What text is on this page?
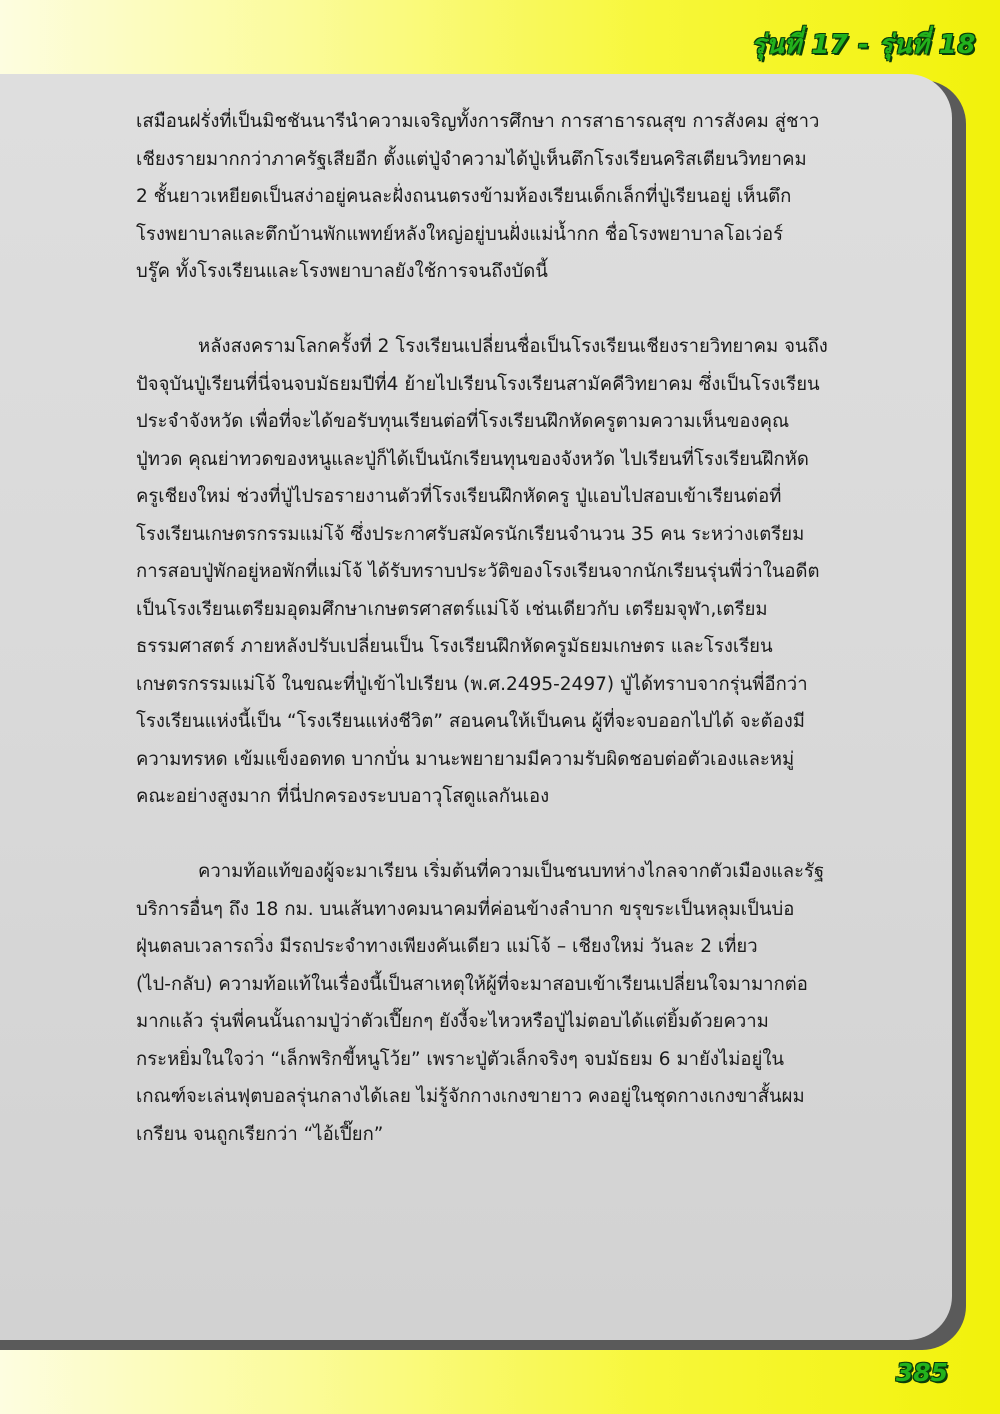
รุ่นที่ 17 - รุ่นที่ 18
เสมือนฝรั่งที่เป็นมิชชันนารีนำความเจริญทั้งการศึกษา การสาธารณสุข การสังคม สู่ชาว
เชียงรายมากกว่าภาครัฐเสียอีก ตั้งแต่ปู่จำความได้ปู่เห็นตึกโรงเรียนคริสเตียนวิทยาคม
2 ชั้นยาวเหยียดเป็นสง่าอยู่คนละฝั่งถนนตรงข้ามห้องเรียนเด็กเล็กที่ปู่เรียนอยู่ เห็นตึก
โรงพยาบาลและตึกบ้านพักแพทย์หลังใหญ่อยู่บนฝั่งแม่น้ำกก ชื่อโรงพยาบาลโอเว่อร์
บรู๊ค ทั้งโรงเรียนและโรงพยาบาลยังใช้การจนถึงบัดนี้
หลังสงครามโลกครั้งที่ 2 โรงเรียนเปลี่ยนชื่อเป็นโรงเรียนเชียงรายวิทยาคม จนถึง
ปัจจุบันปู่เรียนที่นี่จนจบมัธยมปีที่4 ย้ายไปเรียนโรงเรียนสามัคคีวิทยาคม ซึ่งเป็นโรงเรียน
ประจำจังหวัด เพื่อที่จะได้ขอรับทุนเรียนต่อที่โรงเรียนฝึกหัดครูตามความเห็นของคุณ
ปู่ทวด คุณย่าทวดของหนูและปู่ก็ได้เป็นนักเรียนทุนของจังหวัด ไปเรียนที่โรงเรียนฝึกหัด
ครูเชียงใหม่ ช่วงที่ปู่ไปรอรายงานตัวที่โรงเรียนฝึกหัดครู ปู่แอบไปสอบเข้าเรียนต่อที่
โรงเรียนเกษตรกรรมแม่โจ้ ซึ่งประกาศรับสมัครนักเรียนจำนวน 35 คน ระหว่างเตรียม
การสอบปู่พักอยู่หอพักที่แม่โจ้ ได้รับทราบประวัติของโรงเรียนจากนักเรียนรุ่นพี่ว่าในอดีต
เป็นโรงเรียนเตรียมอุดมศึกษาเกษตรศาสตร์แม่โจ้ เช่นเดียวกับ เตรียมจุฬา,เตรียม
ธรรมศาสตร์ ภายหลังปรับเปลี่ยนเป็น โรงเรียนฝึกหัดครูมัธยมเกษตร และโรงเรียน
เกษตรกรรมแม่โจ้ ในขณะที่ปู่เข้าไปเรียน (พ.ศ.2495-2497) ปู่ได้ทราบจากรุ่นพี่อีกว่า
โรงเรียนแห่งนี้เป็น “โรงเรียนแห่งชีวิต” สอนคนให้เป็นคน ผู้ที่จะจบออกไปได้ จะต้องมี
ความทรหด เข้มแข็งอดทด บากบั่น มานะพยายามมีความรับผิดชอบต่อตัวเองและหมู่
คณะอย่างสูงมาก ที่นี่ปกครองระบบอาวุโสดูแลกันเอง
ความท้อแท้ของผู้จะมาเรียน เริ่มต้นที่ความเป็นชนบทห่างไกลจากตัวเมืองและรัฐ
บริการอื่นๆ ถึง 18 กม. บนเส้นทางคมนาคมที่ค่อนข้างลำบาก ขรุขระเป็นหลุมเป็นบ่อ
ฝุ่นตลบเวลารถวิ่ง มีรถประจำทางเพียงคันเดียว แม่โจ้ – เชียงใหม่ วันละ 2 เที่ยว
(ไป-กลับ) ความท้อแท้ในเรื่องนี้เป็นสาเหตุให้ผู้ที่จะมาสอบเข้าเรียนเปลี่ยนใจมามากต่อ
มากแล้ว รุ่นพี่คนนั้นถามปู่ว่าตัวเปี๊ยกๆ ยังงี้จะไหวหรือปู่ไม่ตอบได้แต่ยิ้มด้วยความ
กระหยิ่มในใจว่า “เล็กพริกขี้หนูโว้ย” เพราะปู่ตัวเล็กจริงๆ จบมัธยม 6 มายังไม่อยู่ใน
เกณฑ์จะเล่นฟุตบอลรุ่นกลางได้เลย ไม่รู้จักกางเกงขายาว คงอยู่ในชุดกางเกงขาสั้นผม
เกรียน จนถูกเรียกว่า “ไอ้เปี๊ยก”
385
